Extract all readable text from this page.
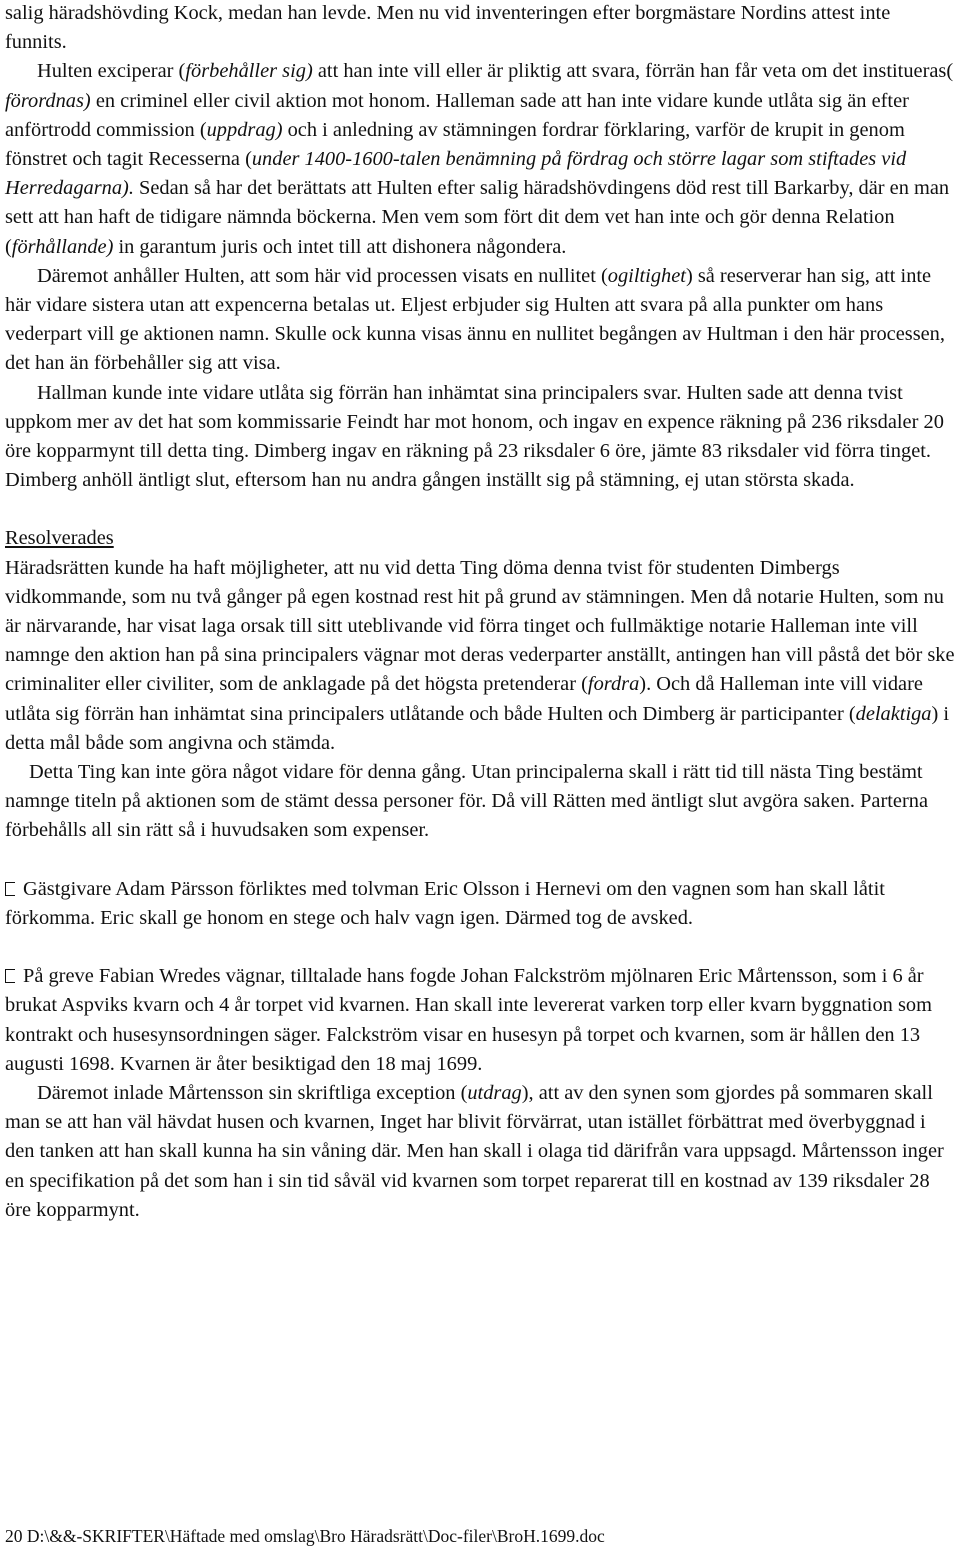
salig häradshövding Kock, medan han levde. Men nu vid inventeringen efter borgmästare Nordins attest inte funnits.

Hulten exciperar (förbehåller sig) att han inte vill eller är pliktig att svara, förrän han får veta om det institueras( förordnas) en criminel eller civil aktion mot honom. Halleman sade att han inte vidare kunde utlåta sig än efter anförtrodd commission (uppdrag) och i anledning av stämningen fordrar förklaring, varför de krupit in genom fönstret och tagit Recesserna (under 1400-1600-talen benämning på fördrag och större lagar som stiftades vid Herredagarna). Sedan så har det berättats att Hulten efter salig häradshövdingens död rest till Barkarby, där en man sett att han haft de tidigare nämnda böckerna. Men vem som fört dit dem vet han inte och gör denna Relation (förhållande) in garantum juris och intet till att dishonera någondera.

Däremot anhåller Hulten, att som här vid processen visats en nullitet (ogiltighet) så reserverar han sig, att inte här vidare sistera utan att expencerna betalas ut. Eljest erbjuder sig Hulten att svara på alla punkter om hans vederpart vill ge aktionen namn. Skulle ock kunna visas ännu en nullitet begången av Hultman i den här processen, det han än förbehåller sig att visa.

Hallman kunde inte vidare utlåta sig förrän han inhämtat sina principalers svar. Hulten sade att denna tvist uppkom mer av det hat som kommissarie Feindt har mot honom, och ingav en expence räkning på 236 riksdaler 20 öre kopparmynt till detta ting. Dimberg ingav en räkning på 23 riksdaler 6 öre, jämte 83 riksdaler vid förra tinget. Dimberg anhöll äntligt slut, eftersom han nu andra gången inställt sig på stämning, ej utan största skada.

Resolverades

Häradsrätten kunde ha haft möjligheter, att nu vid detta Ting döma denna tvist för studenten Dimbergs vidkommande, som nu två gånger på egen kostnad rest hit på grund av stämningen. Men då notarie Hulten, som nu är närvarande, har visat laga orsak till sitt uteblivande vid förra tinget och fullmäktige notarie Halleman inte vill namnge den aktion han på sina principalers vägnar mot deras vederparter anställt, antingen han vill påstå det bör ske criminaliter eller civiliter, som de anklagade på det högsta pretenderar (fordra). Och då Halleman inte vill vidare utlåta sig förrän han inhämtat sina principalers utlåtande och både Hulten och Dimberg är participanter (delaktiga) i detta mål både som angivna och stämda.

Detta Ting kan inte göra något vidare för denna gång. Utan principalerna skall i rätt tid till nästa Ting bestämt namnge titeln på aktionen som de stämt dessa personer för. Då vill Rätten med äntligt slut avgöra saken. Parterna förbehålls all sin rätt så i huvudsaken som expenser.

Gästgivare Adam Pärsson förliktes med tolvman Eric Olsson i Hernevi om den vagnen som han skall låtit förkomma. Eric skall ge honom en stege och halv vagn igen. Därmed tog de avsked.

På greve Fabian Wredes vägnar, tilltalade hans fogde Johan Falckström mjölnaren Eric Mårtensson, som i 6 år brukat Aspviks kvarn och 4 år torpet vid kvarnen. Han skall inte levererat varken torp eller kvarn byggnation som kontrakt och husesynsordningen säger. Falckström visar en husesyn på torpet och kvarnen, som är hållen den 13 augusti 1698. Kvarnen är åter besiktigad den 18 maj 1699.

Däremot inlade Mårtensson sin skriftliga exception (utdrag), att av den synen som gjordes på sommaren skall man se att han väl hävdat husen och kvarnen, Inget har blivit förvärrat, utan istället förbättrat med överbyggnad i den tanken att han skall kunna ha sin våning där. Men han skall i olaga tid därifrån vara uppsagd. Mårtensson inger en specifikation på det som han i sin tid såväl vid kvarnen som torpet reparerat till en kostnad av 139 riksdaler 28 öre kopparmynt.

20 D:\&&-SKRIFTER\Häftade med omslag\Bro Häradsrätt\Doc-filer\BroH.1699.doc
